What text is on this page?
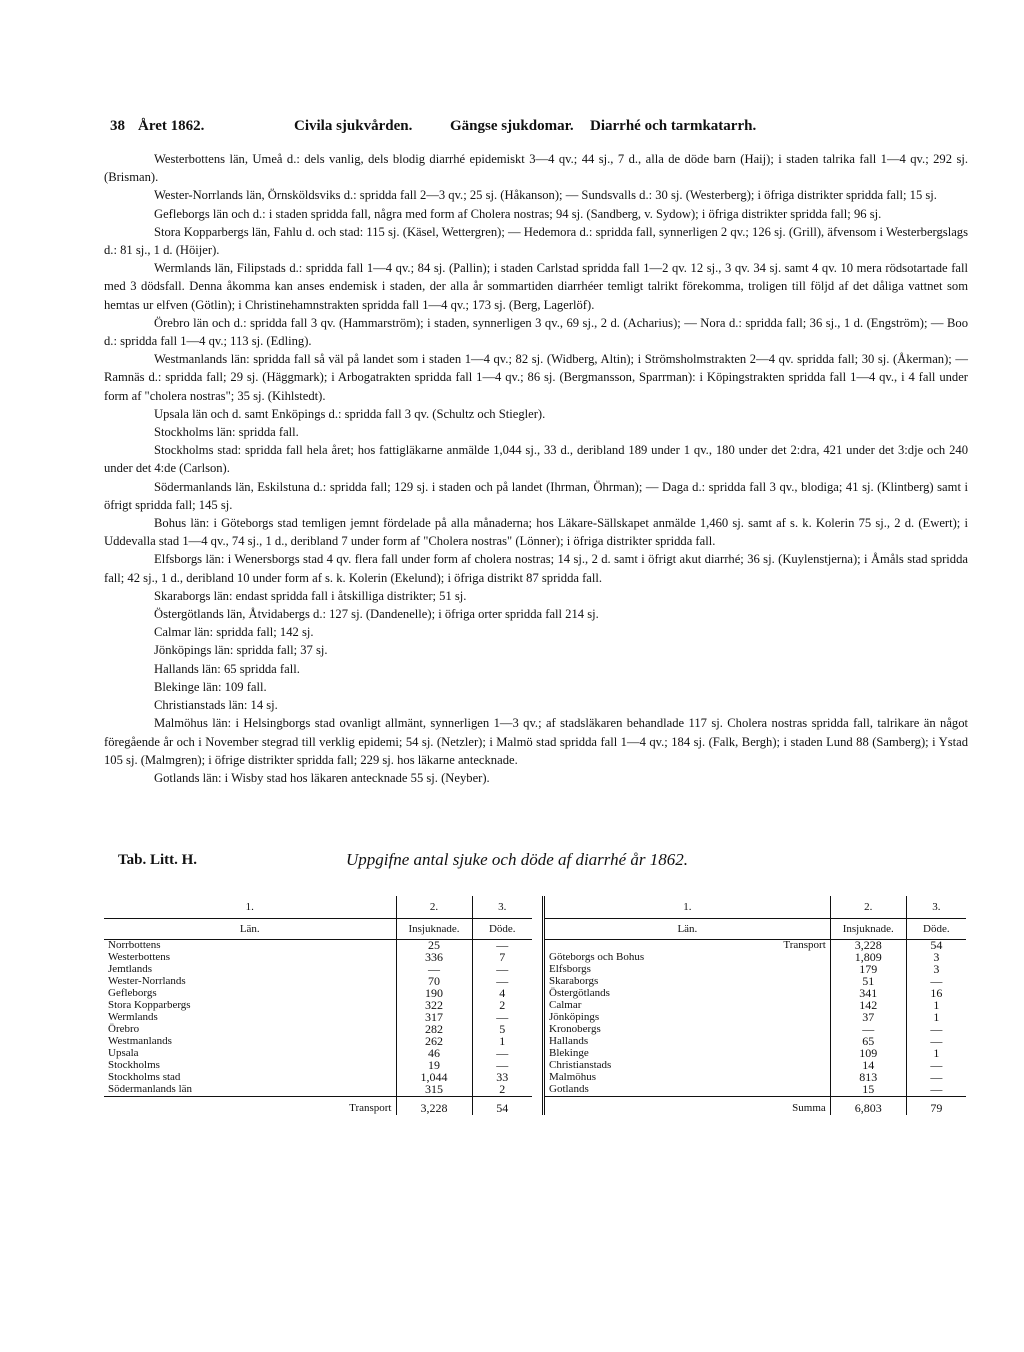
38 Året 1862.	Civila sjukvården.	Gängse sjukdomar. Diarrhé och tarmkatarrh.

Westerbottens län, Umeå d.: dels vanlig, dels blodig diarrhé epidemiskt 3—4 qv.; 44 sj., 7 d., alla de döde barn (Haij); i staden talrika fall 1—4 qv.; 292 sj. (Brisman).

Wester-Norrlands län, Örnsköldsviks d.: spridda fall 2—3 qv.; 25 sj. (Håkanson); — Sundsvalls d.: 30 sj. (Westerberg); i öfriga distrikter spridda fall; 15 sj.

Gefleborgs län och d.: i staden spridda fall, några med form af Cholera nostras; 94 sj. (Sandberg, v. Sydow); i öfriga distrikter spridda fall; 96 sj.

Stora Kopparbergs län, Fahlu d. och stad: 115 sj. (Käsel, Wettergren); — Hedemora d.: spridda fall, synnerligen 2 qv.; 126 sj. (Grill), äfvensom i Westerbergslags d.: 81 sj., 1 d. (Höijer).

Wermlands län, Filipstads d.: spridda fall 1—4 qv.; 84 sj. (Pallin); i staden Carlstad spridda fall 1—2 qv. 12 sj., 3 qv. 34 sj. samt 4 qv. 10 mera rödsotartade fall med 3 dödsfall. Denna åkomma kan anses endemisk i staden, der alla år sommartiden diarrhéer temligt talrikt förekomma, troligen till följd af det dåliga vattnet som hemtas ur elfven (Götlin); i Christinehamnstrakten spridda fall 1—4 qv.; 173 sj. (Berg, Lagerlöf).

Örebro län och d.: spridda fall 3 qv. (Hammarström); i staden, synnerligen 3 qv., 69 sj., 2 d. (Acharius); — Nora d.: spridda fall; 36 sj., 1 d. (Engström); — Boo d.: spridda fall 1—4 qv.; 113 sj. (Edling).

Westmanlands län: spridda fall så väl på landet som i staden 1—4 qv.; 82 sj. (Widberg, Altin); i Strömsholmstrakten 2—4 qv. spridda fall; 30 sj. (Åkerman); — Ramnäs d.: spridda fall; 29 sj. (Häggmark); i Arbogatrakten spridda fall 1—4 qv.; 86 sj. (Bergmansson, Sparrman): i Köpingstrakten spridda fall 1—4 qv., i 4 fall under form af "cholera nostras"; 35 sj. (Kihlstedt).

Upsala län och d. samt Enköpings d.: spridda fall 3 qv. (Schultz och Stiegler).

Stockholms län: spridda fall.

Stockholms stad: spridda fall hela året; hos fattigläkarne anmälde 1,044 sj., 33 d., deribland 189 under 1 qv., 180 under det 2:dra, 421 under det 3:dje och 240 under det 4:de (Carlson).

Södermanlands län, Eskilstuna d.: spridda fall; 129 sj. i staden och på landet (Ihrman, Öhrman); — Daga d.: spridda fall 3 qv., blodiga; 41 sj. (Klintberg) samt i öfrigt spridda fall; 145 sj.

Bohus län: i Göteborgs stad temligen jemnt fördelade på alla månaderna; hos Läkare-Sällskapet anmälde 1,460 sj. samt af s. k. Kolerin 75 sj., 2 d. (Ewert); i Uddevalla stad 1—4 qv., 74 sj., 1 d., deribland 7 under form af "Cholera nostras" (Lönner); i öfriga distrikter spridda fall.

Elfsborgs län: i Wenersborgs stad 4 qv. flera fall under form af cholera nostras; 14 sj., 2 d. samt i öfrigt akut diarrhé; 36 sj. (Kuylenstjerna); i Åmåls stad spridda fall; 42 sj., 1 d., deribland 10 under form af s. k. Kolerin (Ekelund); i öfriga distrikt 87 spridda fall.

Skaraborgs län: endast spridda fall i åtskilliga distrikter; 51 sj.

Östergötlands län, Åtvidabergs d.: 127 sj. (Dandenelle); i öfriga orter spridda fall 214 sj.

Calmar län: spridda fall; 142 sj.

Jönköpings län: spridda fall; 37 sj.

Hallands län: 65 spridda fall.

Blekinge län: 109 fall.

Christianstads län: 14 sj.

Malmöhus län: i Helsingborgs stad ovanligt allmänt, synnerligen 1—3 qv.; af stadsläkaren behandlade 117 sj. Cholera nostras spridda fall, talrikare än något föregående år och i November stegrad till verklig epidemi; 54 sj. (Netzler); i Malmö stad spridda fall 1—4 qv.; 184 sj. (Falk, Bergh); i staden Lund 88 (Samberg); i Ystad 105 sj. (Malmgren); i öfrige distrikter spridda fall; 229 sj. hos läkarne antecknade.

Gotlands län: i Wisby stad hos läkaren antecknade 55 sj. (Neyber).

Tab. Litt. H.	Uppgifne antal sjuke och döde af diarrhé år 1862.
1.	2.	3.
Län.	Insjuknade.	Döde.
Norrbottens	25	—
Westerbottens	336	7
Jemtlands	—	—
Wester-Norrlands	70	—
Gefleborgs	190	4
Stora Kopparbergs	322	2
Wermlands	317	—
Örebro	282	5
Westmanlands	262	1
Upsala	46	—
Stockholms	19	—
Stockholms stad	1,044	33
Södermanlands län	315	2
Transport	3,228	54
1.	2.	3.
Län.	Insjuknade.	Döde.
Transport	3,228	54
Göteborgs och Bohus	1,809	3
Elfsborgs	179	3
Skaraborgs	51	—
Östergötlands	341	16
Calmar	142	1
Jönköpings	37	1
Kronobergs	—	—
Hallands	65	—
Blekinge	109	1
Christianstads	14	—
Malmöhus	813	—
Gotlands	15	—
Summa	6,803	79
